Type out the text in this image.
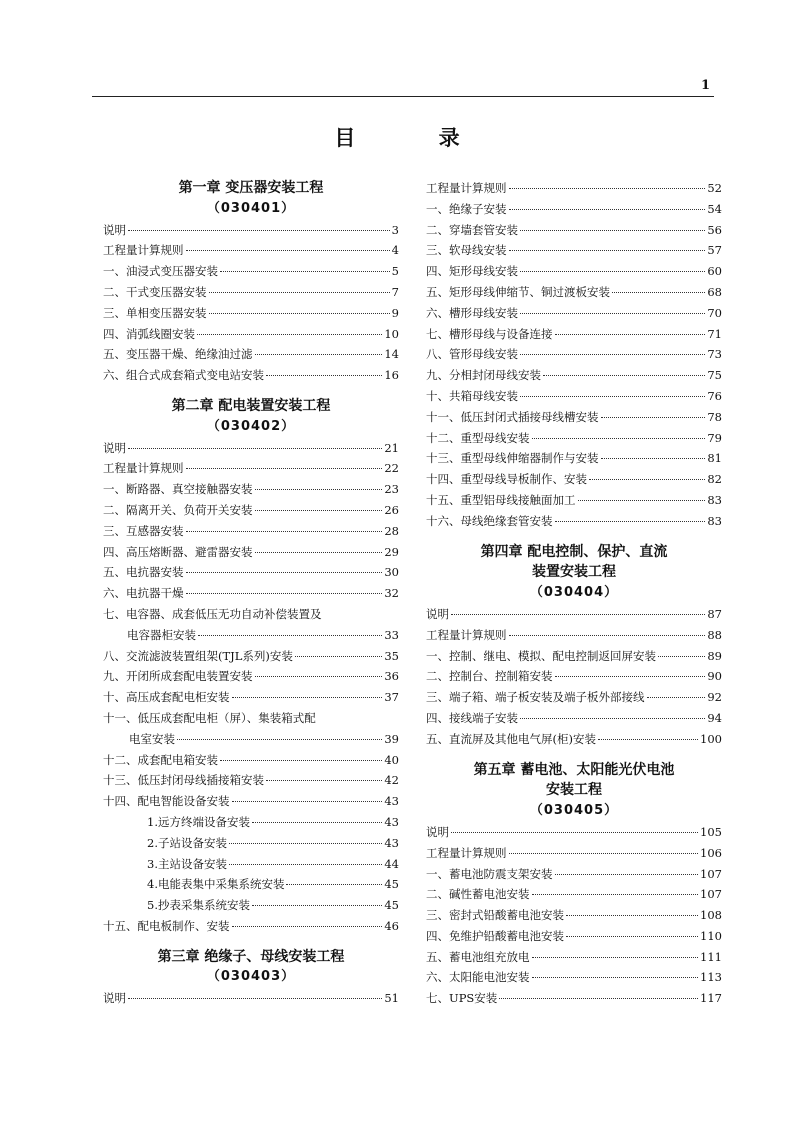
1
目 录
第一章 变压器安装工程
（030401）
说明	3
工程量计算规则	4
一、油浸式变压器安装	5
二、干式变压器安装	7
三、单相变压器安装	9
四、消弧线圈安装	10
五、变压器干燥、绝缘油过滤	14
六、组合式成套箱式变电站安装	16
第二章 配电装置安装工程
（030402）
说明	21
工程量计算规则	22
一、断路器、真空接触器安装	23
二、隔离开关、负荷开关安装	26
三、互感器安装	28
四、高压熔断器、避雷器安装	29
五、电抗器安装	30
六、电抗器干燥	32
七、电容器、成套低压无功自动补偿装置及
电容器柜安装	33
八、交流滤波装置组架(TJL系列)安装	35
九、开闭所成套配电装置安装	36
十、高压成套配电柜安装	37
十一、低压成套配电柜（屏）、集装箱式配
电室安装	39
十二、成套配电箱安装	40
十三、低压封闭母线插接箱安装	42
十四、配电智能设备安装	43
1.远方终端设备安装	43
2.子站设备安装	43
3.主站设备安装	44
4.电能表集中采集系统安装	45
5.抄表采集系统安装	45
十五、配电板制作、安装	46
第三章 绝缘子、母线安装工程
（030403）
说明	51
工程量计算规则	52
一、绝缘子安装	54
二、穿墙套管安装	56
三、软母线安装	57
四、矩形母线安装	60
五、矩形母线伸缩节、铜过渡板安装	68
六、槽形母线安装	70
七、槽形母线与设备连接	71
八、管形母线安装	73
九、分相封闭母线安装	75
十、共箱母线安装	76
十一、低压封闭式插接母线槽安装	78
十二、重型母线安装	79
十三、重型母线伸缩器制作与安装	81
十四、重型母线导板制作、安装	82
十五、重型铝母线接触面加工	83
十六、母线绝缘套管安装	83
第四章 配电控制、保护、直流
装置安装工程
（030404）
说明	87
工程量计算规则	88
一、控制、继电、模拟、配电控制返回屏安装	89
二、控制台、控制箱安装	90
三、端子箱、端子板安装及端子板外部接线	92
四、接线端子安装	94
五、直流屏及其他电气屏(柜)安装	100
第五章 蓄电池、太阳能光伏电池
安装工程
（030405）
说明	105
工程量计算规则	106
一、蓄电池防震支架安装	107
二、碱性蓄电池安装	107
三、密封式铅酸蓄电池安装	108
四、免维护铅酸蓄电池安装	110
五、蓄电池组充放电	111
六、太阳能电池安装	113
七、UPS安装	117
